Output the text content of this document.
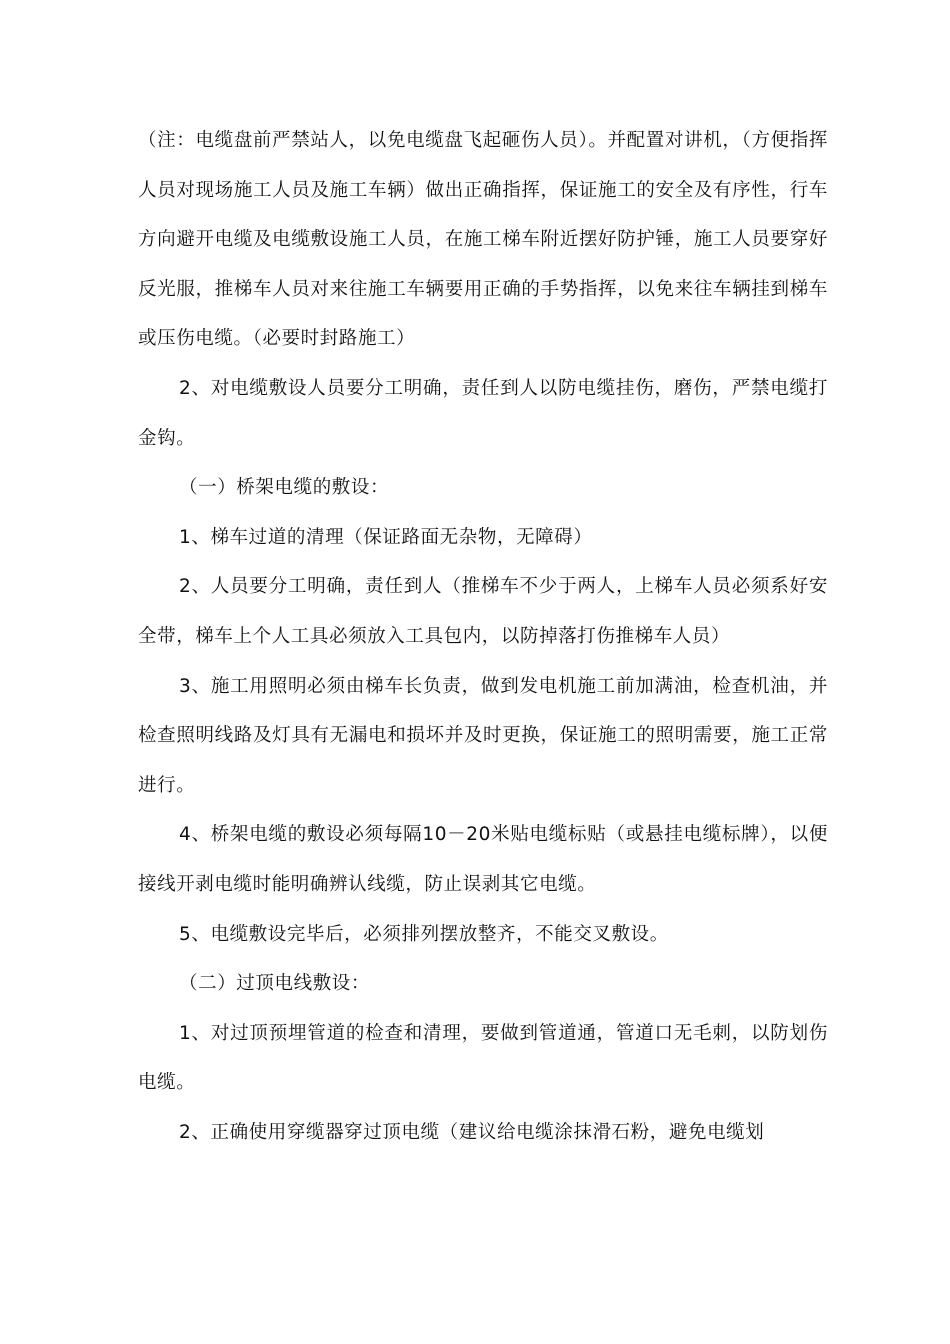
（注：电缆盘前严禁站人，以免电缆盘飞起砸伤人员）。并配置对讲机，（方便指挥人员对现场施工人员及施工车辆）做出正确指挥，保证施工的安全及有序性，行车方向避开电缆及电缆敷设施工人员，在施工梯车附近摆好防护锤，施工人员要穿好反光服，推梯车人员对来往施工车辆要用正确的手势指挥，以免来往车辆挂到梯车或压伤电缆。（必要时封路施工）

2、对电缆敷设人员要分工明确，责任到人以防电缆挂伤，磨伤，严禁电缆打金钩。

（一）桥架电缆的敷设：

1、梯车过道的清理（保证路面无杂物，无障碍）

2、人员要分工明确，责任到人（推梯车不少于两人，上梯车人员必须系好安全带，梯车上个人工具必须放入工具包内，以防掉落打伤推梯车人员）

3、施工用照明必须由梯车长负责，做到发电机施工前加满油，检查机油，并检查照明线路及灯具有无漏电和损坏并及时更换，保证施工的照明需要，施工正常进行。

4、桥架电缆的敷设必须每隔10－20米贴电缆标贴（或悬挂电缆标牌），以便接线开剥电缆时能明确辨认线缆，防止误剥其它电缆。

5、电缆敷设完毕后，必须排列摆放整齐，不能交叉敷设。

（二）过顶电线敷设：

1、对过顶预埋管道的检查和清理，要做到管道通，管道口无毛刺，以防划伤电缆。

2、正确使用穿缆器穿过顶电缆（建议给电缆涂抹滑石粉，避免电缆划
